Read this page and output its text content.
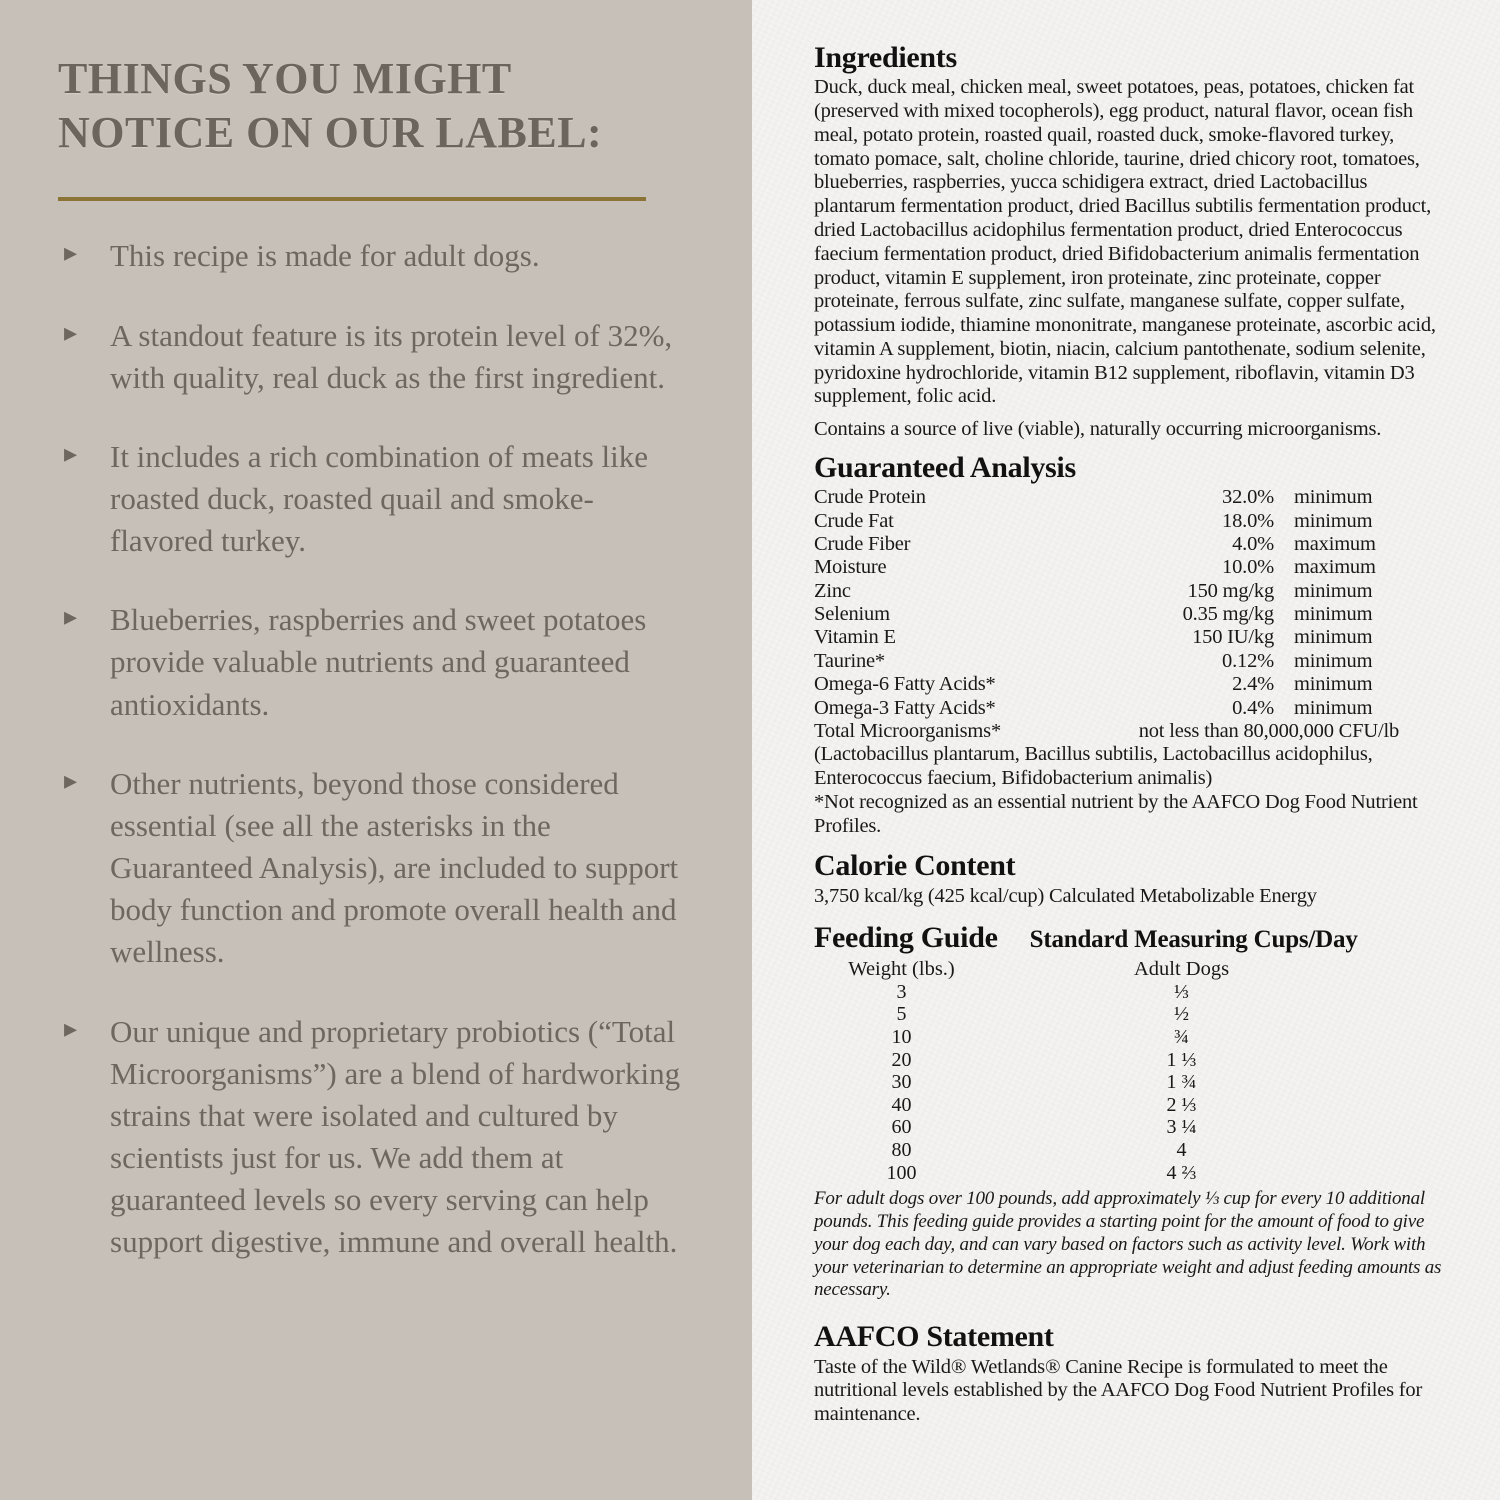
THINGS YOU MIGHT NOTICE ON OUR LABEL:
▸ This recipe is made for adult dogs.
▸ A standout feature is its protein level of 32%, with quality, real duck as the first ingredient.
▸ It includes a rich combination of meats like roasted duck, roasted quail and smoke-flavored turkey.
▸ Blueberries, raspberries and sweet potatoes provide valuable nutrients and guaranteed antioxidants.
▸ Other nutrients, beyond those considered essential (see all the asterisks in the Guaranteed Analysis), are included to support body function and promote overall health and wellness.
▸ Our unique and proprietary probiotics (“Total Microorganisms”) are a blend of hardworking strains that were isolated and cultured by scientists just for us. We add them at guaranteed levels so every serving can help support digestive, immune and overall health.
Ingredients

Duck, duck meal, chicken meal, sweet potatoes, peas, potatoes, chicken fat (preserved with mixed tocopherols), egg product, natural flavor, ocean fish meal, potato protein, roasted quail, roasted duck, smoke-flavored turkey, tomato pomace, salt, choline chloride, taurine, dried chicory root, tomatoes, blueberries, raspberries, yucca schidigera extract, dried Lactobacillus plantarum fermentation product, dried Bacillus subtilis fermentation product, dried Lactobacillus acidophilus fermentation product, dried Enterococcus faecium fermentation product, dried Bifidobacterium animalis fermentation product, vitamin E supplement, iron proteinate, zinc proteinate, copper proteinate, ferrous sulfate, zinc sulfate, manganese sulfate, copper sulfate, potassium iodide, thiamine mononitrate, manganese proteinate, ascorbic acid, vitamin A supplement, biotin, niacin, calcium pantothenate, sodium selenite, pyridoxine hydrochloride, vitamin B12 supplement, riboflavin, vitamin D3 supplement, folic acid.

Contains a source of live (viable), naturally occurring microorganisms.

Guaranteed Analysis
Crude Protein	32.0% minimum
Crude Fat	18.0% minimum
Crude Fiber	4.0% maximum
Moisture	10.0% maximum
Zinc	150 mg/kg minimum
Selenium	0.35 mg/kg minimum
Vitamin E	150 IU/kg minimum
Taurine*	0.12% minimum
Omega-6 Fatty Acids*	2.4% minimum
Omega-3 Fatty Acids*	0.4% minimum
Total Microorganisms*	not less than 80,000,000 CFU/lb

(Lactobacillus plantarum, Bacillus subtilis, Lactobacillus acidophilus, Enterococcus faecium, Bifidobacterium animalis)

*Not recognized as an essential nutrient by the AAFCO Dog Food Nutrient Profiles.

Calorie Content

3,750 kcal/kg (425 kcal/cup) Calculated Metabolizable Energy

Feeding Guide Standard Measuring Cups/Day
Weight (lbs.)	Adult Dogs
3	⅓
5	½
10	¾
20	1 ⅓
30	1 ¾
40	2 ⅓
60	3 ¼
80	4
100	4 ⅔

For adult dogs over 100 pounds, add approximately ⅓ cup for every 10 additional pounds. This feeding guide provides a starting point for the amount of food to give your dog each day, and can vary based on factors such as activity level. Work with your veterinarian to determine an appropriate weight and adjust feeding amounts as necessary.

AAFCO Statement

Taste of the Wild® Wetlands® Canine Recipe is formulated to meet the nutritional levels established by the AAFCO Dog Food Nutrient Profiles for maintenance.
